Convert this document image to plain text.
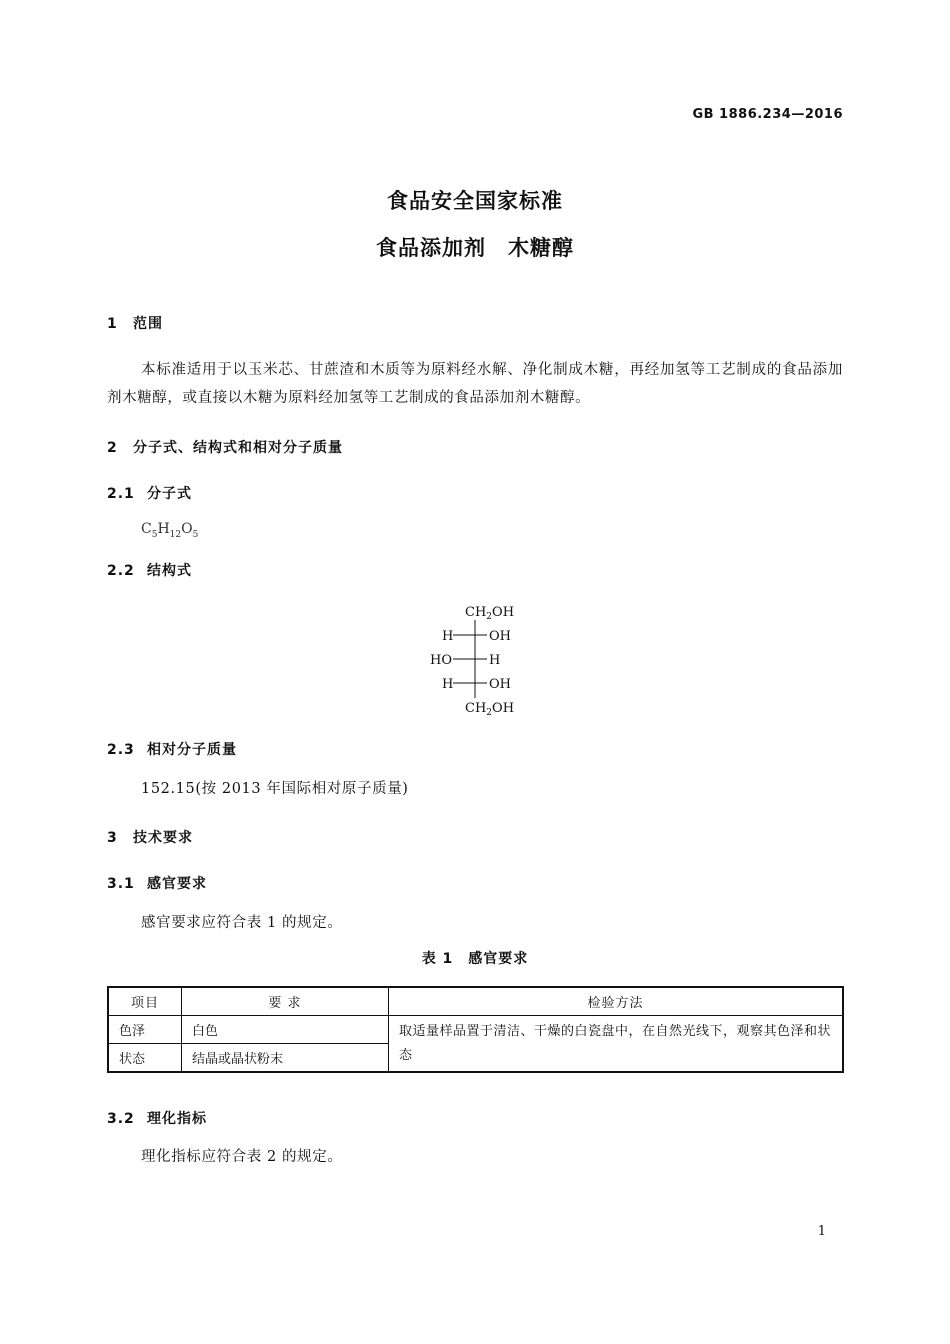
GB 1886.234—2016
食品安全国家标准
食品添加剂　木糖醇
1 范围
本标准适用于以玉米芯、甘蔗渣和木质等为原料经水解、净化制成木糖，再经加氢等工艺制成的食品添加剂木糖醇，或直接以木糖为原料经加氢等工艺制成的食品添加剂木糖醇。
2 分子式、结构式和相对分子质量
2.1 分子式
$C_5H_{12}O_5$
2.2 结构式
$CH_2OH$
H	OH
HO	H
H	OH
$CH_2OH$
2.3 相对分子质量
152.15(按 2013 年国际相对原子质量)
3 技术要求
3.1 感官要求
感官要求应符合表 1 的规定。
表 1　感官要求
项目	要 求	检验方法
色泽	白色	取适量样品置于清洁、干燥的白瓷盘中，在自然光线下，观察其色泽和状态
状态	结晶或晶状粉末	
3.2 理化指标
理化指标应符合表 2 的规定。
1
